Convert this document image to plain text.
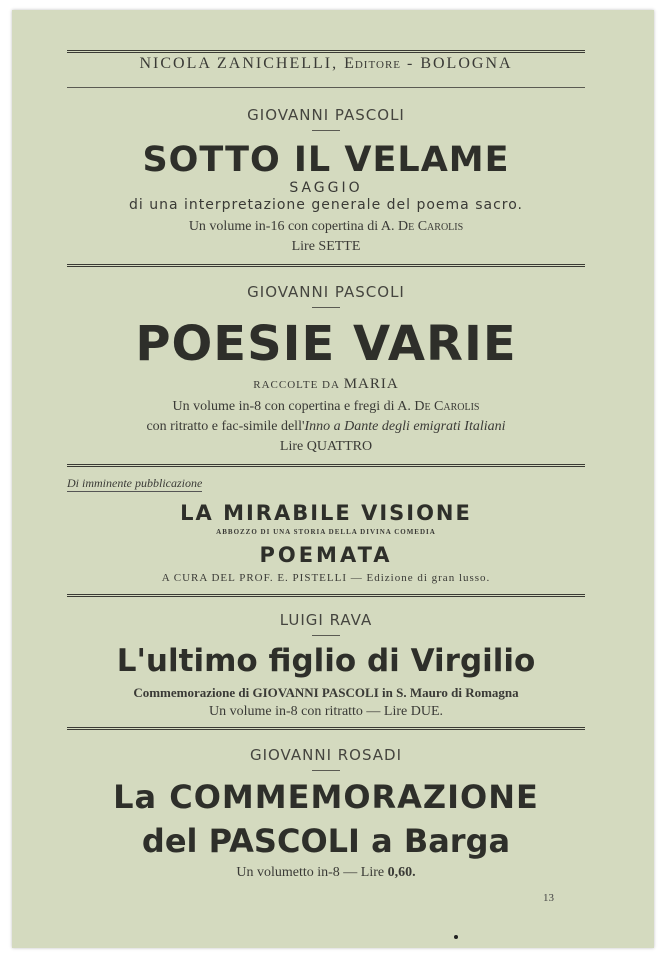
NICOLA ZANICHELLI, Editore - BOLOGNA
GIOVANNI PASCOLI
SOTTO IL VELAME
SAGGIO
di una interpretazione generale del poema sacro.
Un volume in-16 con copertina di A. De Carolis
Lire SETTE
GIOVANNI PASCOLI
POESIE VARIE
RACCOLTE DA MARIA
Un volume in-8 con copertina e fregi di A. De Carolis
con ritratto e fac-simile dell'Inno a Dante degli emigrati Italiani
Lire QUATTRO
Di imminente pubblicazione
LA MIRABILE VISIONE
ABBOZZO DI UNA STORIA DELLA DIVINA COMEDIA
POEMATA
A CURA DEL PROF. E. PISTELLI — Edizione di gran lusso.
LUIGI RAVA
L'ultimo figlio di Virgilio
Commemorazione di GIOVANNI PASCOLI in S. Mauro di Romagna
Un volume in-8 con ritratto — Lire DUE.
GIOVANNI ROSADI
La COMMEMORAZIONE
del PASCOLI a Barga
Un volumetto in-8 — Lire 0,60.
13
